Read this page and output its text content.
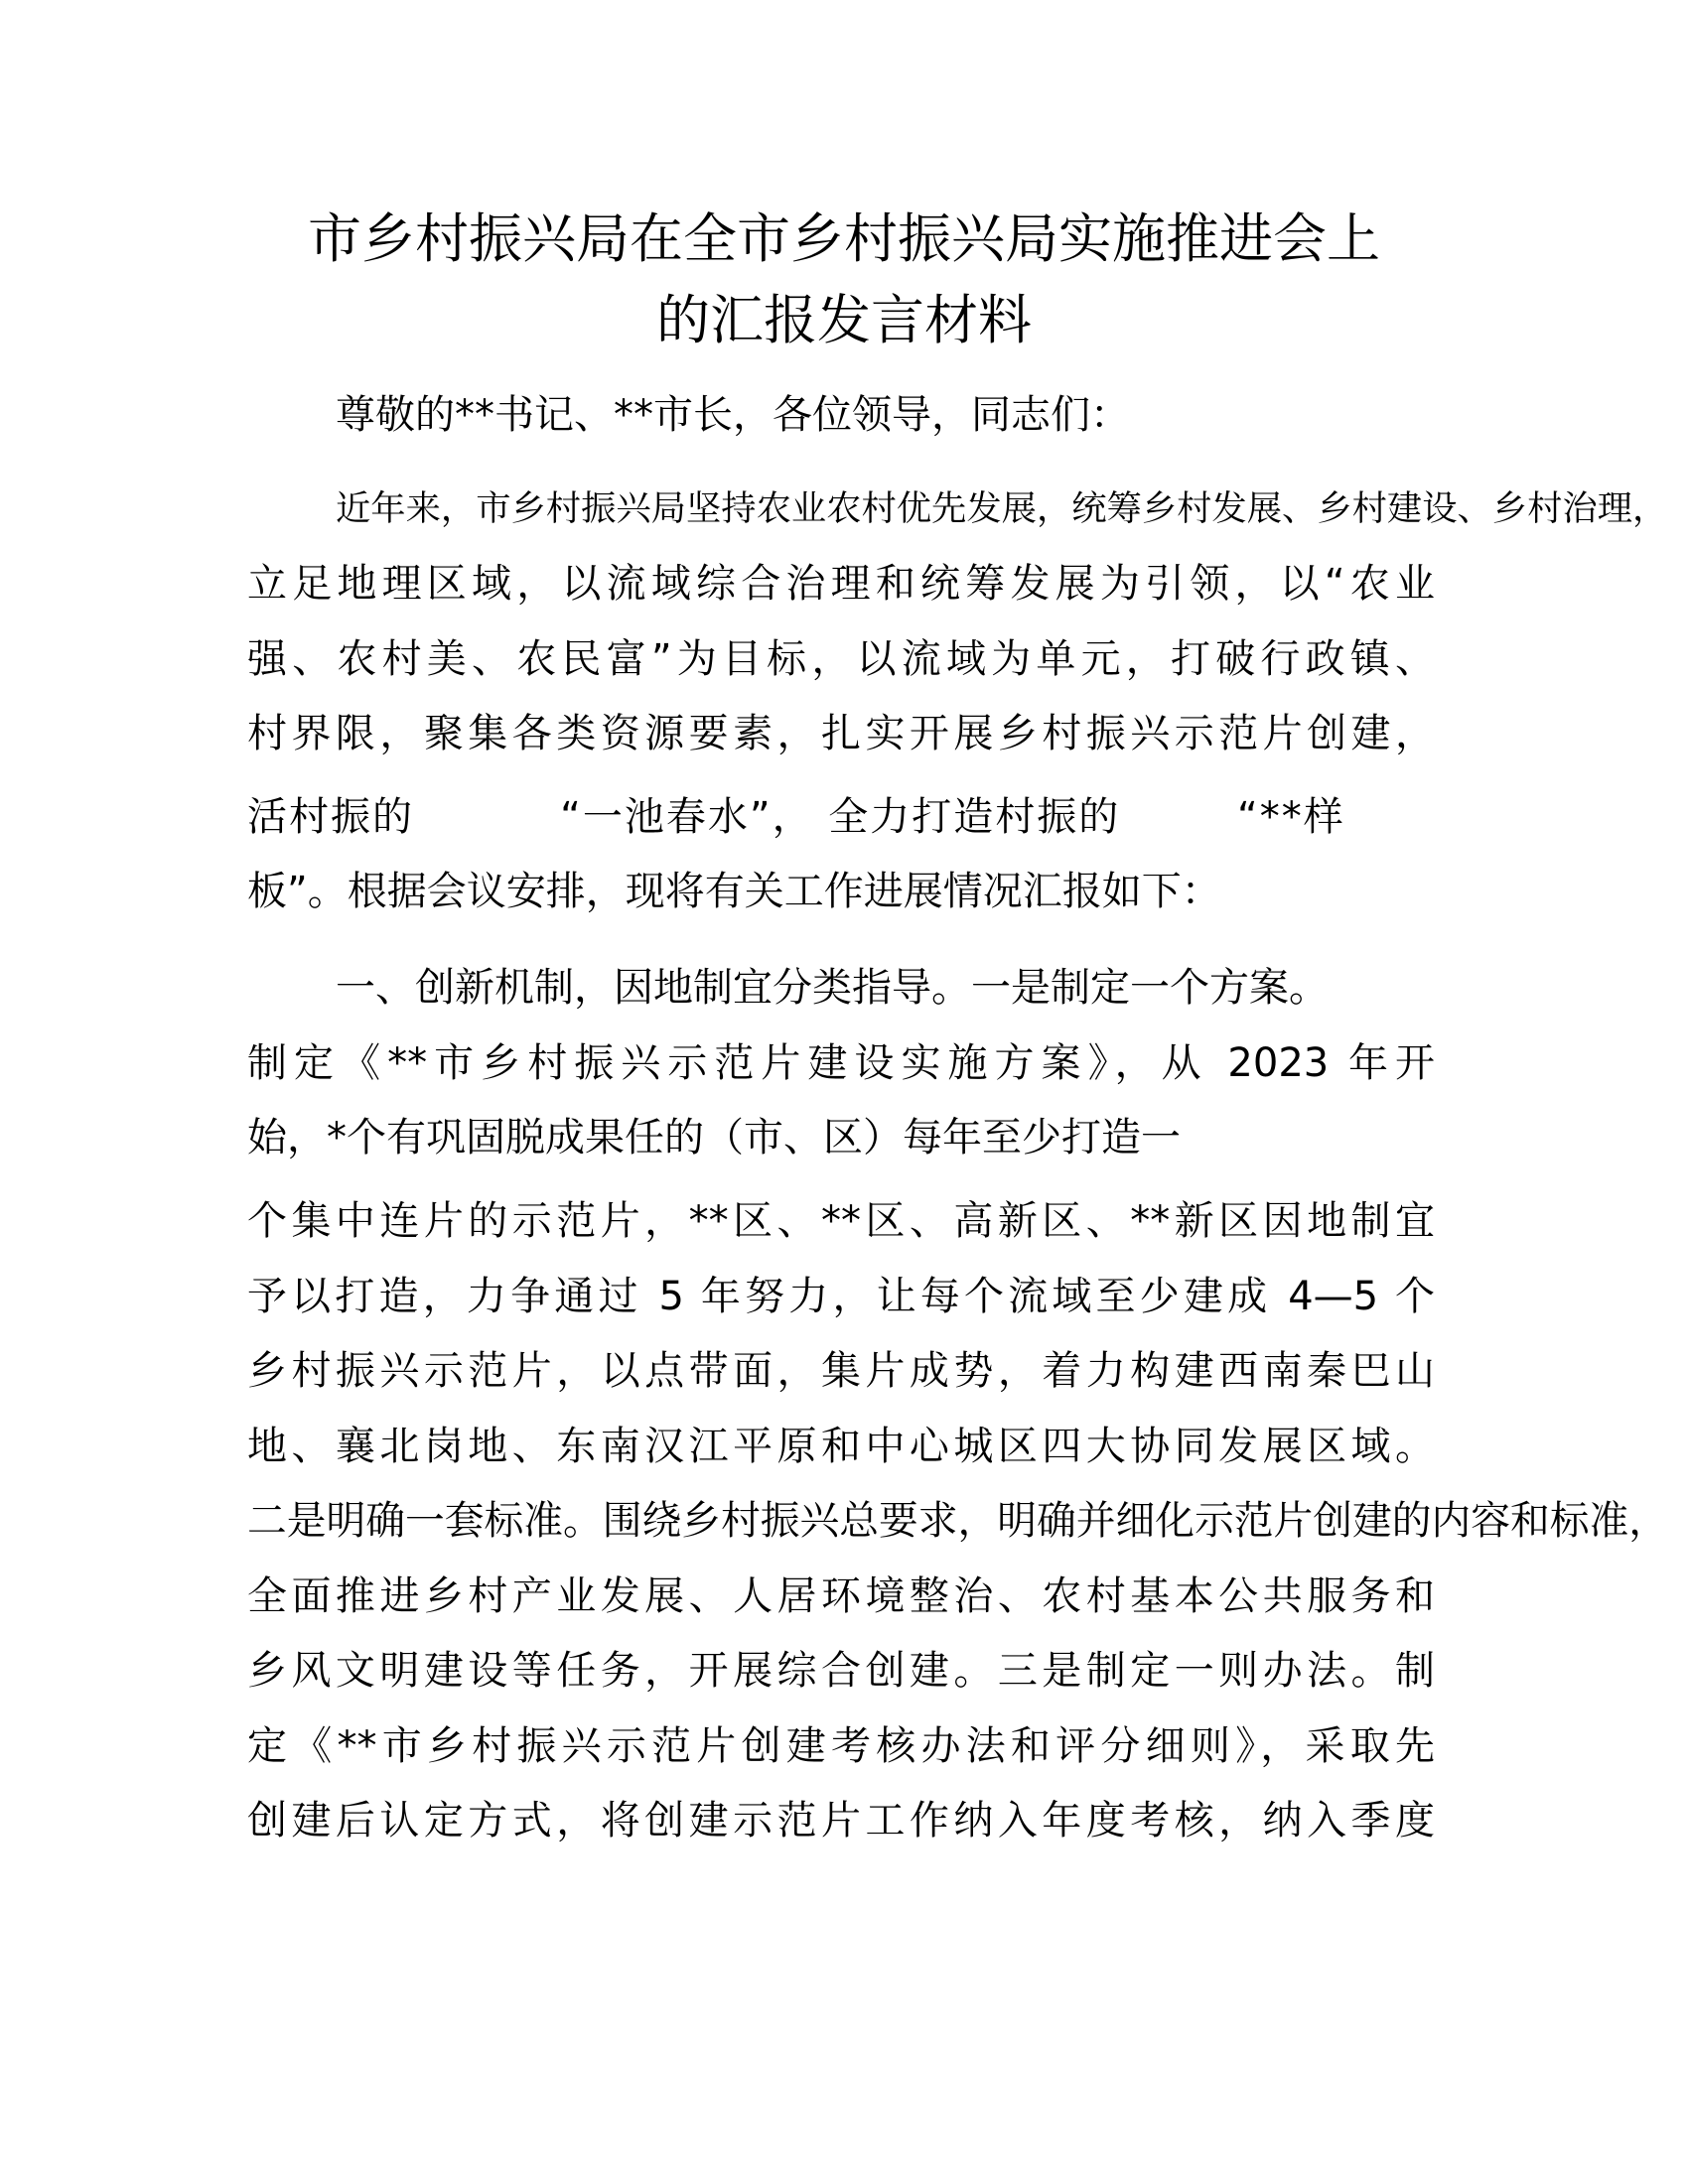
市乡村振兴局在全市乡村振兴局实施推进会上
的汇报发言材料
尊敬的**书记、**市长，各位领导，同志们：
近年来，市乡村振兴局坚持农业农村优先发展，统筹乡村发展、乡村建设、乡村治理，
立足地理区域，以流域综合治理和统筹发展为引领，以“农业
强、农村美、农民富”为目标，以流域为单元，打破行政镇、
村界限，聚集各类资源要素，扎实开展乡村振兴示范片创建，
活村振的          “一池春水”， 全力打造村振的        “**样
板”。根据会议安排，现将有关工作进展情况汇报如下：
一、创新机制，因地制宜分类指导。一是制定一个方案。
制定《**市乡村振兴示范片建设实施方案》，从 2023 年开
始，*个有巩固脱成果任的（市、区）每年至少打造一
个集中连片的示范片，**区、**区、高新区、**新区因地制宜
予以打造，力争通过 5 年努力，让每个流域至少建成 4—5 个
乡村振兴示范片，以点带面，集片成势，着力构建西南秦巴山
地、襄北岗地、东南汉江平原和中心城区四大协同发展区域。
二是明确一套标准。围绕乡村振兴总要求，明确并细化示范片创建的内容和标准，
全面推进乡村产业发展、人居环境整治、农村基本公共服务和
乡风文明建设等任务，开展综合创建。三是制定一则办法。制
定《**市乡村振兴示范片创建考核办法和评分细则》，采取先
创建后认定方式，将创建示范片工作纳入年度考核，纳入季度
